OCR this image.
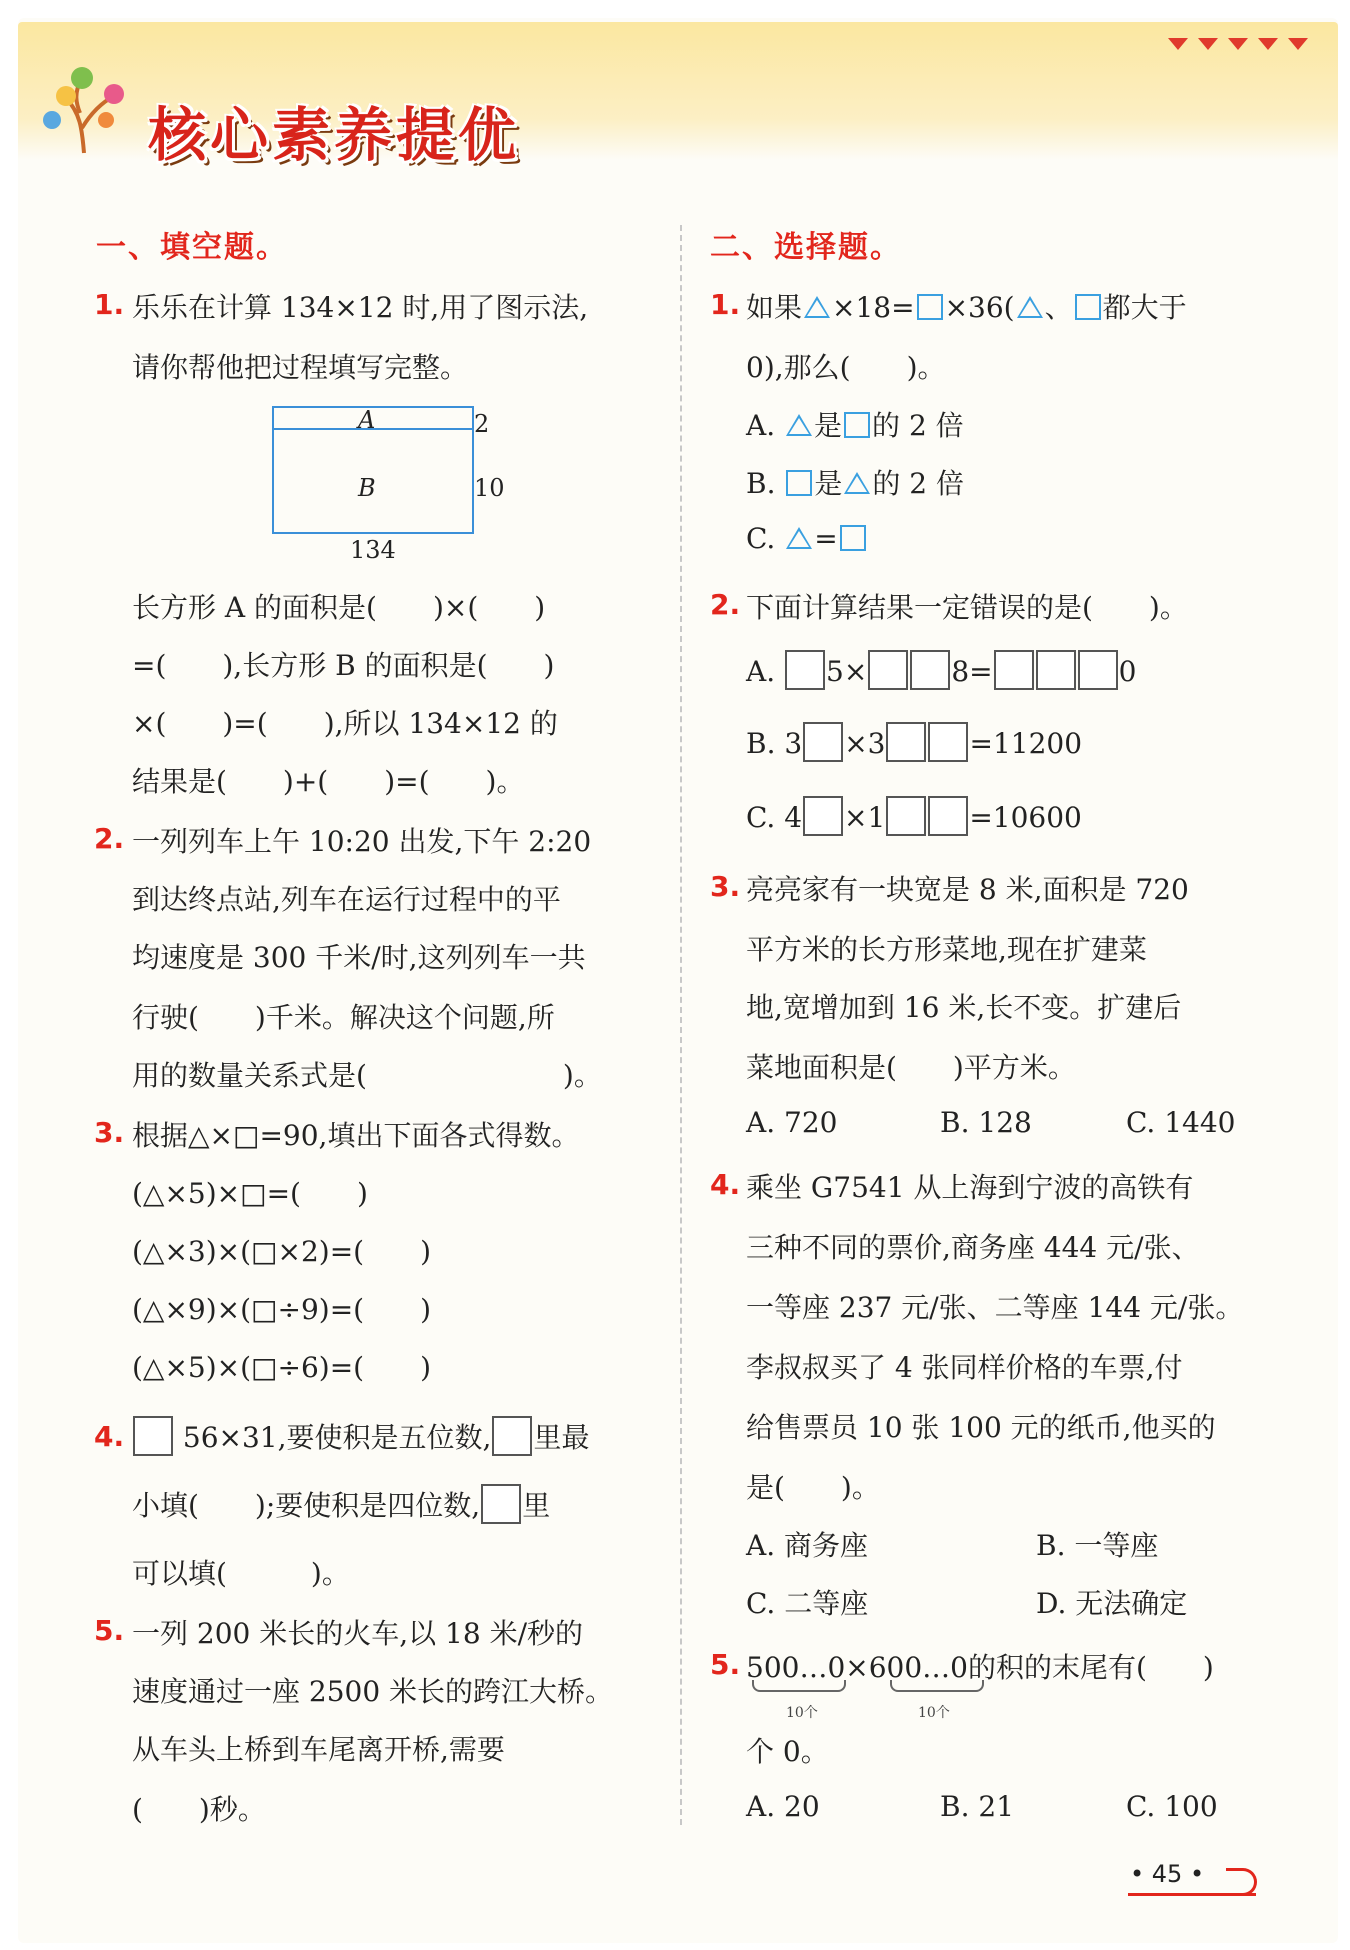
核心素养提优
一、填空题。
1. 乐乐在计算 134×12 时,用了图示法,
请你帮他把过程填写完整。
A
B
2
10
134
长方形 A 的面积是(　　)×(　　)
=(　　),长方形 B 的面积是(　　)
×(　　)=(　　),所以 134×12 的
结果是(　　)+(　　)=(　　)。
2. 一列列车上午 10:20 出发,下午 2:20
到达终点站,列车在运行过程中的平
均速度是 300 千米/时,这列列车一共
行驶(　　)千米。解决这个问题,所
用的数量关系式是(　　　　　　　)。
3. 根据△×□=90,填出下面各式得数。
(△×5)×□=(　　)
(△×3)×(□×2)=(　　)
(△×9)×(□÷9)=(　　)
(△×5)×(□÷6)=(　　)
4.	56×31,要使积是五位数, 里最
小填(　　);要使积是四位数, 里
可以填(　　　)。
5. 一列 200 米长的火车,以 18 米/秒的
速度通过一座 2500 米长的跨江大桥。
从车头上桥到车尾离开桥,需要
(　　)秒。
二、选择题。
1. 如果 ×18= ×36( 、 都大于
0),那么(　　)。
A. 是 的 2 倍
B. 是 的 2 倍
C. =
2. 下面计算结果一定错误的是(　　)。
A. 5×	8=	0
B. 3 ×3	=11200
C. 4 ×1	=10600
3. 亮亮家有一块宽是 8 米,面积是 720
平方米的长方形菜地,现在扩建菜
地,宽增加到 16 米,长不变。扩建后
菜地面积是(　　)平方米。
A. 720	B. 128	C. 1440
4. 乘坐 G7541 从上海到宁波的高铁有
三种不同的票价,商务座 444 元/张、
一等座 237 元/张、二等座 144 元/张。
李叔叔买了 4 张同样价格的车票,付
给售票员 10 张 100 元的纸币,他买的
是(　　)。
A. 商务座	B. 一等座
C. 二等座	D. 无法确定
5. 500…0×600…0的积的末尾有(　　)
10个	10个
个 0。
A. 20	B. 21	C. 100
• 45 •
